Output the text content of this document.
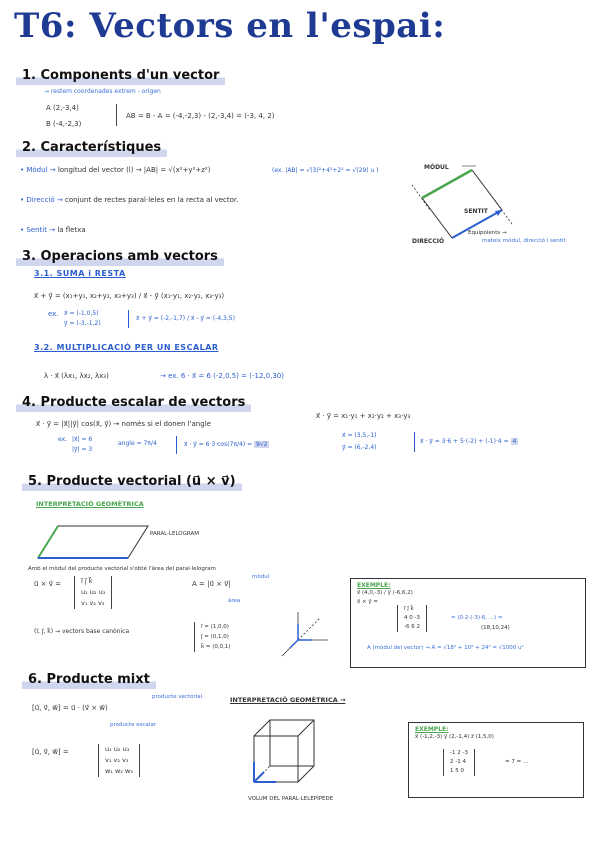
T6: Vectors en l'espai:
1. Components d'un vector
→ restem coordenades extrem - origen
A (2,-3,4)
B (-4,-2,3)
AB = B - A = (-4,-2,3) - (2,-3,4) = (-3, 4, 2)
2. Característiques
• Mòdul → longitud del vector (l) → |AB| = √(x²+y²+z²)	(ex. |AB| = √(3)²+4²+2² = √(29) u )
• Direcció → conjunt de rectes paral·leles en la recta al vector.
• Sentit → la fletxa
MÒDUL
SENTIT
DIRECCIÓ
Equipolents →
mateix mòdul, direcció i sentit
3. Operacions amb vectors
3.1. SUMA i RESTA
x⃗ + y⃗ = (x₁+y₁, x₂+y₂, x₃+y₃) / x⃗ - y⃗ (x₁-y₁, x₂-y₂, x₃-y₃)
ex. x⃗ = (-1,0,5)
y⃗ = (-3,-1,2)
x⃗ + y⃗ = (-2,-1,7) / x⃗ - y⃗ = (-4,3,5)
3.2. MULTIPLICACIÓ PER UN ESCALAR
λ · x⃗ (λx₁, λx₂, λx₃)	→ ex. 6 · x⃗ = 6 (-2,0,5) = (-12,0,30)
4. Producte escalar de vectors
x⃗ · y⃗ = |x⃗||y⃗| cos(x⃗, y⃗) → només si el donen l'angle
ex. |x⃗| = 6
|y⃗| = 3
angle = 7π/4	x⃗ · y⃗ = 6·3·cos(7π/4) = 9√2
x⃗ · y⃗ = x₁·y₁ + x₂·y₂ + x₃·y₃
x⃗ = (3,5,-1)
y⃗ = (6,-2,4)
x⃗ · y⃗ = 3·6 + 5·(-2) + (-1)·4 = 4
5. Producte vectorial (u⃗ × v⃗)
INTERPRETACIÓ GEOMÈTRICA
PARAL·LELOGRAM
Amb el mòdul del producte vectorial s'obté l'àrea del paral·lelogram
u⃗ × v⃗ =	i⃗ j⃗ k⃗
u₁ u₂ u₃
v₁ v₂ v₃
A = |u⃗ × v⃗|
mòdul
àrea
(i⃗, j⃗, k⃗) → vectors base canònica
i⃗ = (1,0,0)
j⃗ = (0,1,0)
k⃗ = (0,0,1)
EXEMPLE:
x⃗ (4,0,-3) / y⃗ (-6,6,2)
x⃗ × y⃗ =
i⃗ j⃗ k⃗
4 0 -3
-6 6 2
= (0·2-(-3)·6, ...) =
(18,10,24)
A (mòdul del vector) → A = √18² + 10² + 24² = √1000 u²
6. Producte mixt
[u⃗, v⃗, w⃗] = u⃗ · (v⃗ × w⃗)
producte vectorial
producte escalar
INTERPRETACIÓ GEOMÈTRICA →
[u⃗, v⃗, w⃗] =	u₁ u₂ u₃
v₁ v₂ v₃
w₁ w₂ w₃
VOLUM DEL PARAL·LELEPÍPEDE
EXEMPLE:
x⃗ (-1,2,-3) y⃗ (2,-1,4) z⃗ (1,5,0)
-1 2 -3
2 -1 4
1 5 0
= 7 = ...
